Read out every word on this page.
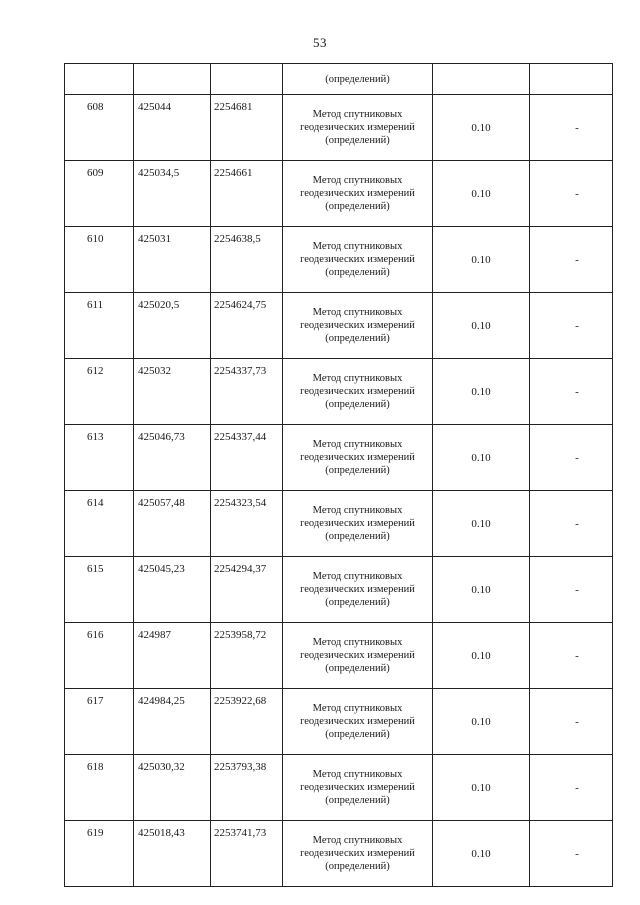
53
			(определений)		
608	425044	2254681	Метод спутниковых
геодезических измерений
(определений)	0.10	-
609	425034,5	2254661	Метод спутниковых
геодезических измерений
(определений)	0.10	-
610	425031	2254638,5	Метод спутниковых
геодезических измерений
(определений)	0.10	-
611	425020,5	2254624,75	Метод спутниковых
геодезических измерений
(определений)	0.10	-
612	425032	2254337,73	Метод спутниковых
геодезических измерений
(определений)	0.10	-
613	425046,73	2254337,44	Метод спутниковых
геодезических измерений
(определений)	0.10	-
614	425057,48	2254323,54	Метод спутниковых
геодезических измерений
(определений)	0.10	-
615	425045,23	2254294,37	Метод спутниковых
геодезических измерений
(определений)	0.10	-
616	424987	2253958,72	Метод спутниковых
геодезических измерений
(определений)	0.10	-
617	424984,25	2253922,68	Метод спутниковых
геодезических измерений
(определений)	0.10	-
618	425030,32	2253793,38	Метод спутниковых
геодезических измерений
(определений)	0.10	-
619	425018,43	2253741,73	Метод спутниковых
геодезических измерений
(определений)	0.10	-
